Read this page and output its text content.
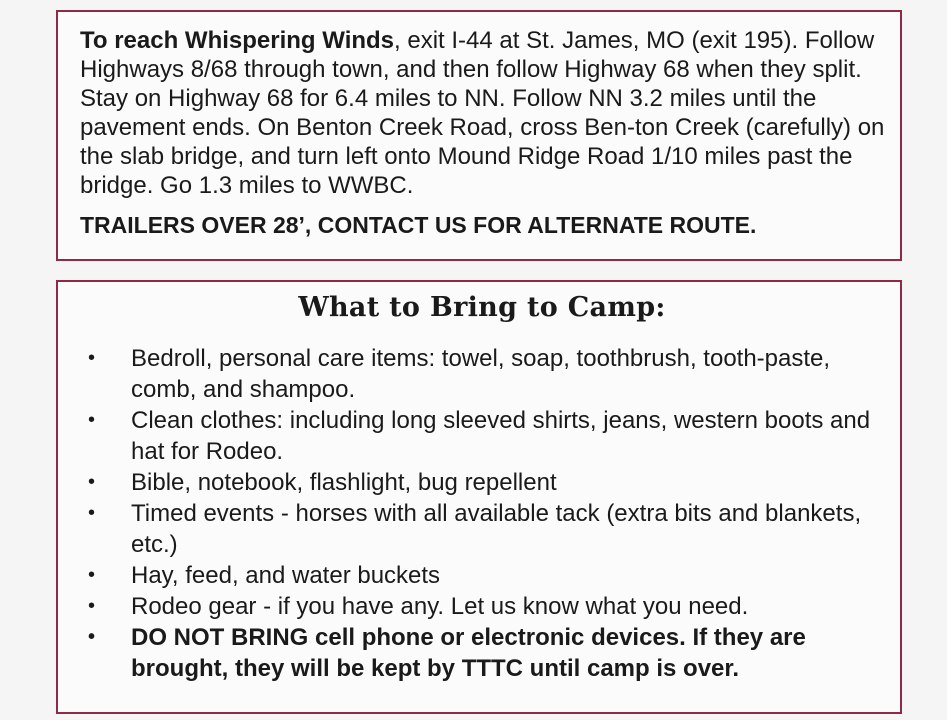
To reach Whispering Winds, exit I-44 at St. James, MO (exit 195). Follow Highways 8/68 through town, and then follow Highway 68 when they split. Stay on Highway 68 for 6.4 miles to NN. Follow NN 3.2 miles until the pavement ends. On Benton Creek Road, cross Ben-ton Creek (carefully) on the slab bridge, and turn left onto Mound Ridge Road 1/10 miles past the bridge. Go 1.3 miles to WWBC.

TRAILERS OVER 28’, CONTACT US FOR ALTERNATE ROUTE.

What to Bring to Camp:
• Bedroll, personal care items: towel, soap, toothbrush, tooth-paste, comb, and shampoo.
• Clean clothes: including long sleeved shirts, jeans, western boots and hat for Rodeo.
• Bible, notebook, flashlight, bug repellent
• Timed events - horses with all available tack (extra bits and blankets, etc.)
• Hay, feed, and water buckets
• Rodeo gear - if you have any. Let us know what you need.
• DO NOT BRING cell phone or electronic devices. If they are brought, they will be kept by TTTC until camp is over.
